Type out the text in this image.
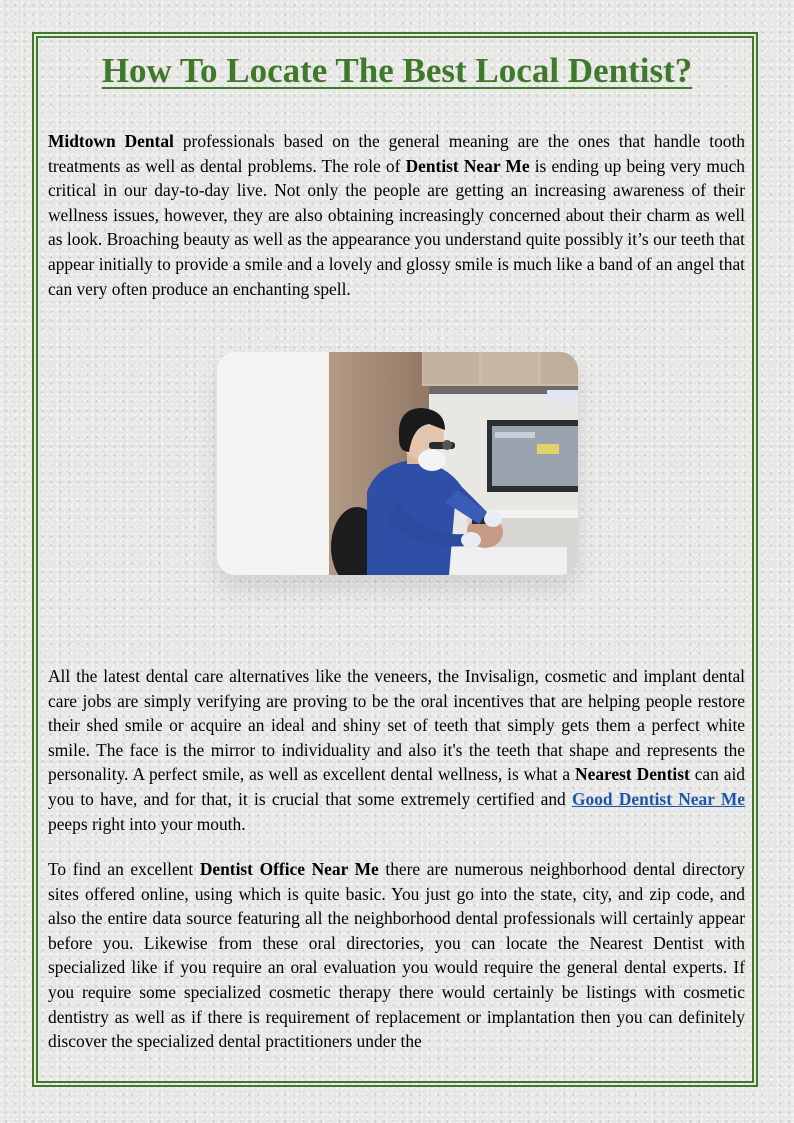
How To Locate The Best Local Dentist?

Midtown Dental professionals based on the general meaning are the ones that handle tooth treatments as well as dental problems. The role of Dentist Near Me is ending up being very much critical in our day-to-day live. Not only the people are getting an increasing awareness of their wellness issues, however, they are also obtaining increasingly concerned about their charm as well as look. Broaching beauty as well as the appearance you understand quite possibly it’s our teeth that appear initially to provide a smile and a lovely and glossy smile is much like a band of an angel that can very often produce an enchanting spell.

All the latest dental care alternatives like the veneers, the Invisalign, cosmetic and implant dental care jobs are simply verifying are proving to be the oral incentives that are helping people restore their shed smile or acquire an ideal and shiny set of teeth that simply gets them a perfect white smile. The face is the mirror to individuality and also it's the teeth that shape and represents the personality. A perfect smile, as well as excellent dental wellness, is what a Nearest Dentist can aid you to have, and for that, it is crucial that some extremely certified and Good Dentist Near Me peeps right into your mouth.

To find an excellent Dentist Office Near Me there are numerous neighborhood dental directory sites offered online, using which is quite basic. You just go into the state, city, and zip code, and also the entire data source featuring all the neighborhood dental professionals will certainly appear before you. Likewise from these oral directories, you can locate the Nearest Dentist with specialized like if you require an oral evaluation you would require the general dental experts. If you require some specialized cosmetic therapy there would certainly be listings with cosmetic dentistry as well as if there is requirement of replacement or implantation then you can definitely discover the specialized dental practitioners under the
